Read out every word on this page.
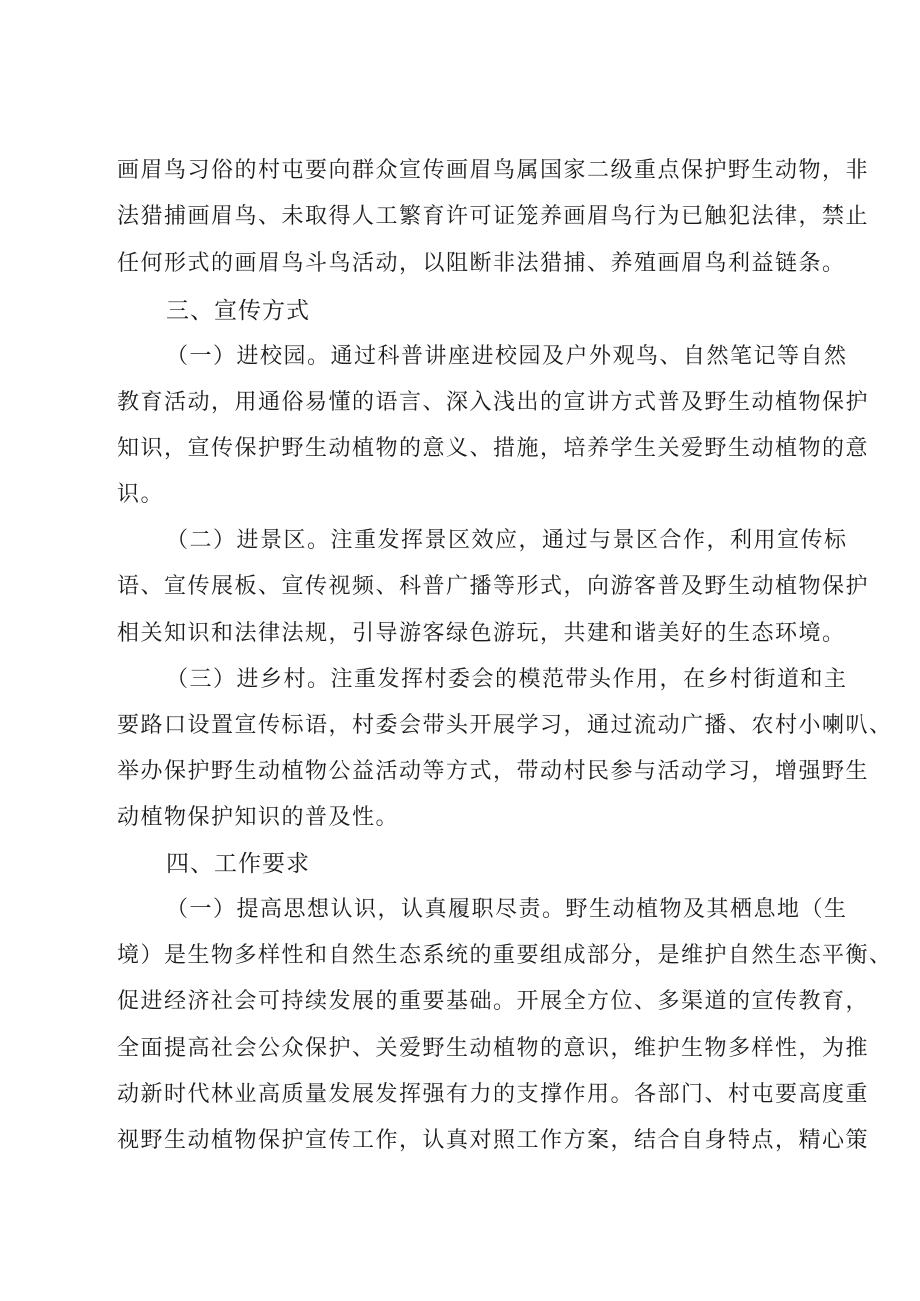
画眉鸟习俗的村屯要向群众宣传画眉鸟属国家二级重点保护野生动物，非
法猎捕画眉鸟、未取得人工繁育许可证笼养画眉鸟行为已触犯法律，禁止
任何形式的画眉鸟斗鸟活动，以阻断非法猎捕、养殖画眉鸟利益链条。
三、宣传方式
（一）进校园。通过科普讲座进校园及户外观鸟、自然笔记等自然
教育活动，用通俗易懂的语言、深入浅出的宣讲方式普及野生动植物保护
知识，宣传保护野生动植物的意义、措施，培养学生关爱野生动植物的意
识。
（二）进景区。注重发挥景区效应，通过与景区合作，利用宣传标
语、宣传展板、宣传视频、科普广播等形式，向游客普及野生动植物保护
相关知识和法律法规，引导游客绿色游玩，共建和谐美好的生态环境。
（三）进乡村。注重发挥村委会的模范带头作用，在乡村街道和主
要路口设置宣传标语，村委会带头开展学习，通过流动广播、农村小喇叭、
举办保护野生动植物公益活动等方式，带动村民参与活动学习，增强野生
动植物保护知识的普及性。
四、工作要求
（一）提高思想认识，认真履职尽责。野生动植物及其栖息地（生
境）是生物多样性和自然生态系统的重要组成部分，是维护自然生态平衡、
促进经济社会可持续发展的重要基础。开展全方位、多渠道的宣传教育，
全面提高社会公众保护、关爱野生动植物的意识，维护生物多样性，为推
动新时代林业高质量发展发挥强有力的支撑作用。各部门、村屯要高度重
视野生动植物保护宣传工作，认真对照工作方案，结合自身特点，精心策
